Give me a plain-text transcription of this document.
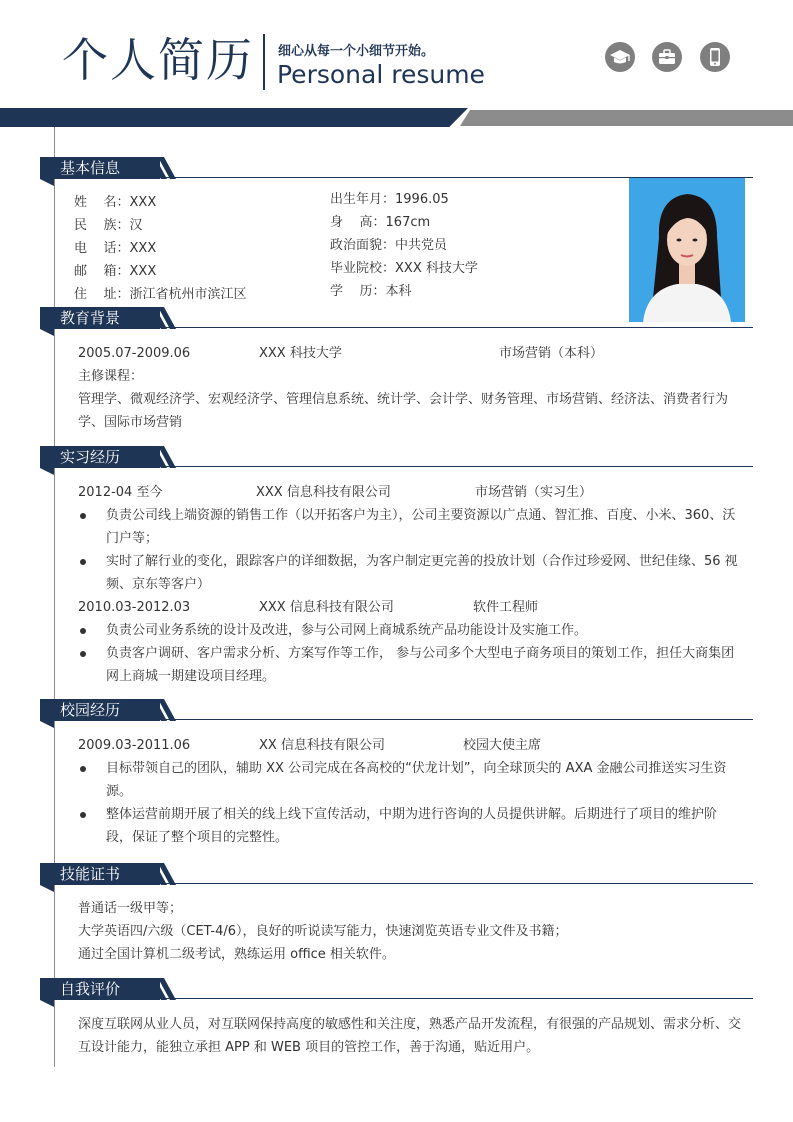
个人简历 细心从每一个小细节开始。
Personal resume
基本信息
姓    名：XXX
民    族：汉
电    话：XXX
邮    箱：XXX
住    址：浙江省杭州市滨江区
出生年月：1996.05
身    高：167cm
政治面貌：中共党员
毕业院校：XXX 科技大学
学    历：本科
教育背景
2005.07-2009.06	XXX 科技大学	市场营销（本科）
主修课程：
管理学、微观经济学、宏观经济学、管理信息系统、统计学、会计学、财务管理、市场营销、经济法、消费者行为学、国际市场营销
实习经历
2012-04 至今	XXX 信息科技有限公司	市场营销（实习生）
负责公司线上端资源的销售工作（以开拓客户为主），公司主要资源以广点通、智汇推、百度、小米、360、沃门户等；
实时了解行业的变化，跟踪客户的详细数据，为客户制定更完善的投放计划（合作过珍爱网、世纪佳缘、56 视频、京东等客户）
2010.03-2012.03	XXX 信息科技有限公司	软件工程师
负责公司业务系统的设计及改进，参与公司网上商城系统产品功能设计及实施工作。
负责客户调研、客户需求分析、方案写作等工作， 参与公司多个大型电子商务项目的策划工作，担任大商集团网上商城一期建设项目经理。
校园经历
2009.03-2011.06	XX 信息科技有限公司	校园大使主席
目标带领自己的团队，辅助 XX 公司完成在各高校的“伏龙计划”，向全球顶尖的 AXA 金融公司推送实习生资源。
整体运营前期开展了相关的线上线下宣传活动，中期为进行咨询的人员提供讲解。后期进行了项目的维护阶段，保证了整个项目的完整性。
技能证书
普通话一级甲等；
大学英语四/六级（CET-4/6），良好的听说读写能力，快速浏览英语专业文件及书籍；
通过全国计算机二级考试，熟练运用 office 相关软件。
自我评价
深度互联网从业人员，对互联网保持高度的敏感性和关注度，熟悉产品开发流程，有很强的产品规划、需求分析、交互设计能力，能独立承担 APP 和 WEB 项目的管控工作，善于沟通，贴近用户。
